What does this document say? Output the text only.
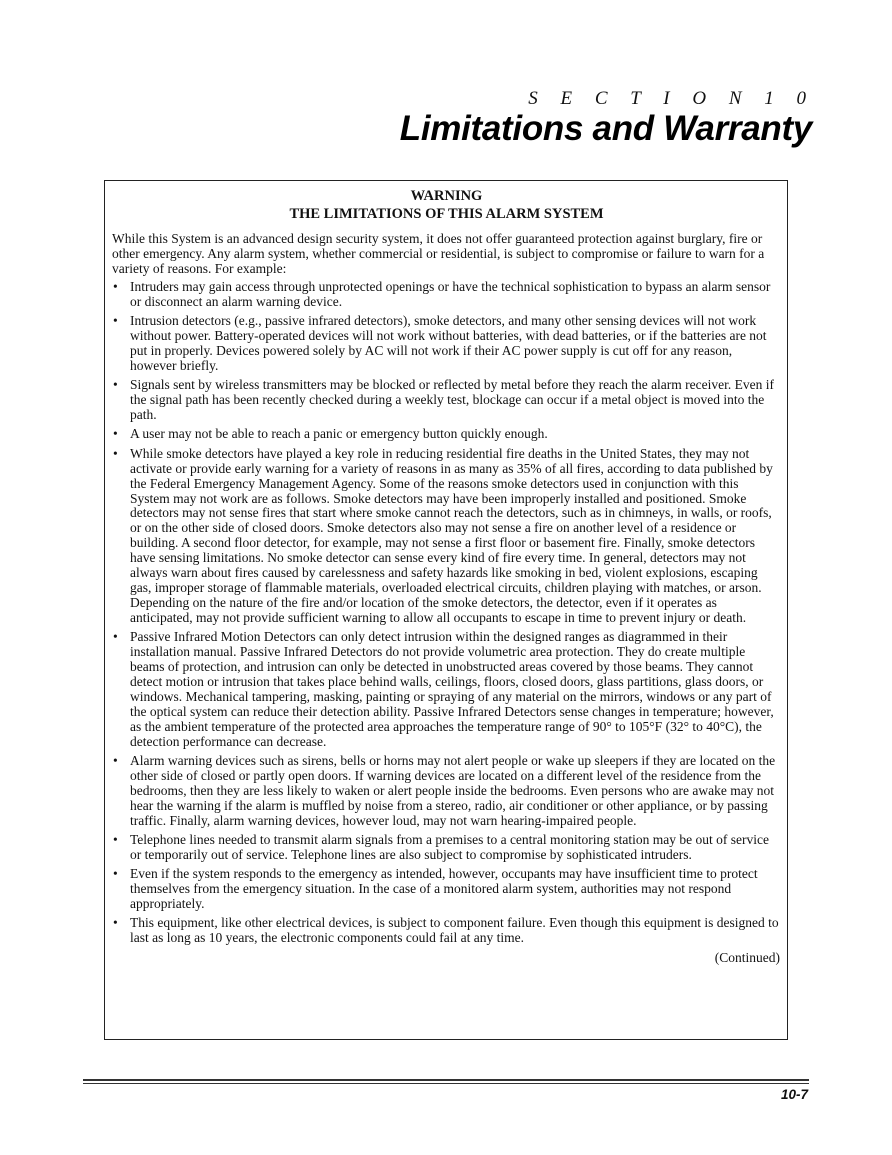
S E C T I O N 1 0
Limitations and Warranty
WARNING
THE LIMITATIONS OF THIS ALARM SYSTEM

While this System is an advanced design security system, it does not offer guaranteed protection against burglary, fire or other emergency. Any alarm system, whether commercial or residential, is subject to compromise or failure to warn for a variety of reasons. For example:

• Intruders may gain access through unprotected openings or have the technical sophistication to bypass an alarm sensor or disconnect an alarm warning device.
• Intrusion detectors (e.g., passive infrared detectors), smoke detectors, and many other sensing devices will not work without power. Battery-operated devices will not work without batteries, with dead batteries, or if the batteries are not put in properly. Devices powered solely by AC will not work if their AC power supply is cut off for any reason, however briefly.
• Signals sent by wireless transmitters may be blocked or reflected by metal before they reach the alarm receiver. Even if the signal path has been recently checked during a weekly test, blockage can occur if a metal object is moved into the path.
• A user may not be able to reach a panic or emergency button quickly enough.
• While smoke detectors have played a key role in reducing residential fire deaths in the United States, they may not activate or provide early warning for a variety of reasons in as many as 35% of all fires, according to data published by the Federal Emergency Management Agency. Some of the reasons smoke detectors used in conjunction with this System may not work are as follows. Smoke detectors may have been improperly installed and positioned. Smoke detectors may not sense fires that start where smoke cannot reach the detectors, such as in chimneys, in walls, or roofs, or on the other side of closed doors. Smoke detectors also may not sense a fire on another level of a residence or building. A second floor detector, for example, may not sense a first floor or basement fire. Finally, smoke detectors have sensing limitations. No smoke detector can sense every kind of fire every time. In general, detectors may not always warn about fires caused by carelessness and safety hazards like smoking in bed, violent explosions, escaping gas, improper storage of flammable materials, overloaded electrical circuits, children playing with matches, or arson. Depending on the nature of the fire and/or location of the smoke detectors, the detector, even if it operates as anticipated, may not provide sufficient warning to allow all occupants to escape in time to prevent injury or death.
• Passive Infrared Motion Detectors can only detect intrusion within the designed ranges as diagrammed in their installation manual. Passive Infrared Detectors do not provide volumetric area protection. They do create multiple beams of protection, and intrusion can only be detected in unobstructed areas covered by those beams. They cannot detect motion or intrusion that takes place behind walls, ceilings, floors, closed doors, glass partitions, glass doors, or windows. Mechanical tampering, masking, painting or spraying of any material on the mirrors, windows or any part of the optical system can reduce their detection ability. Passive Infrared Detectors sense changes in temperature; however, as the ambient temperature of the protected area approaches the temperature range of 90° to 105°F (32° to 40°C), the detection performance can decrease.
• Alarm warning devices such as sirens, bells or horns may not alert people or wake up sleepers if they are located on the other side of closed or partly open doors. If warning devices are located on a different level of the residence from the bedrooms, then they are less likely to waken or alert people inside the bedrooms. Even persons who are awake may not hear the warning if the alarm is muffled by noise from a stereo, radio, air conditioner or other appliance, or by passing traffic. Finally, alarm warning devices, however loud, may not warn hearing-impaired people.
• Telephone lines needed to transmit alarm signals from a premises to a central monitoring station may be out of service or temporarily out of service. Telephone lines are also subject to compromise by sophisticated intruders.
• Even if the system responds to the emergency as intended, however, occupants may have insufficient time to protect themselves from the emergency situation. In the case of a monitored alarm system, authorities may not respond appropriately.
• This equipment, like other electrical devices, is subject to component failure. Even though this equipment is designed to last as long as 10 years, the electronic components could fail at any time.
(Continued)
10-7
